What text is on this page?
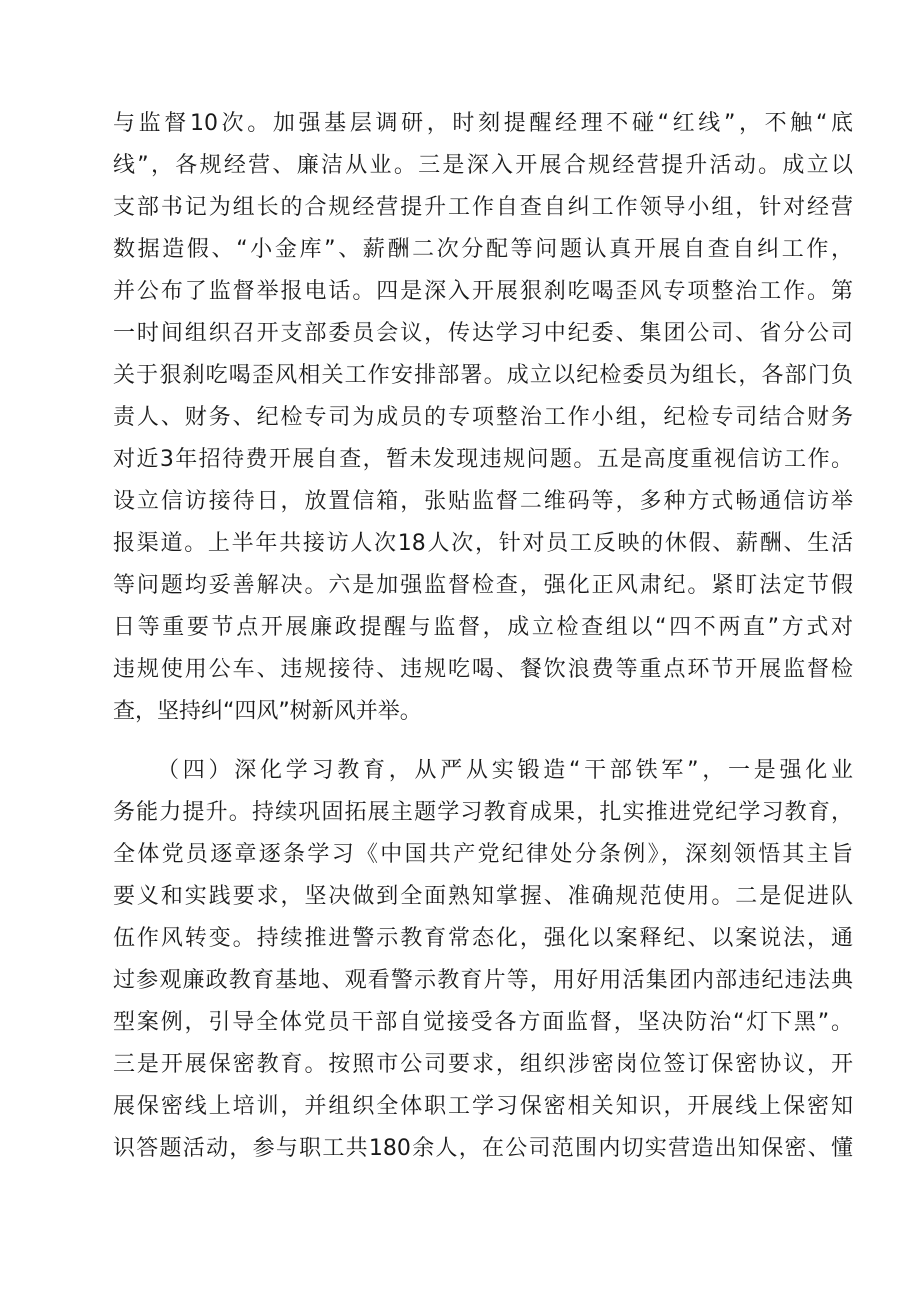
与监督10次。加强基层调研，时刻提醒经理不碰“红线”，不触“底
线”，各规经营、廉洁从业。三是深入开展合规经营提升活动。成立以
支部书记为组长的合规经营提升工作自查自纠工作领导小组，针对经营
数据造假、“小金库”、薪酬二次分配等问题认真开展自查自纠工作，
并公布了监督举报电话。四是深入开展狠刹吃喝歪风专项整治工作。第
一时间组织召开支部委员会议，传达学习中纪委、集团公司、省分公司
关于狠刹吃喝歪风相关工作安排部署。成立以纪检委员为组长，各部门负
责人、财务、纪检专司为成员的专项整治工作小组，纪检专司结合财务
对近3年招待费开展自查，暂未发现违规问题。五是高度重视信访工作。
设立信访接待日，放置信箱，张贴监督二维码等，多种方式畅通信访举
报渠道。上半年共接访人次18人次，针对员工反映的休假、薪酬、生活
等问题均妥善解决。六是加强监督检查，强化正风肃纪。紧盯法定节假
日等重要节点开展廉政提醒与监督，成立检查组以“四不两直”方式对
违规使用公车、违规接待、违规吃喝、餐饮浪费等重点环节开展监督检
查，坚持纠“四风”树新风并举。
（四）深化学习教育，从严从实锻造“干部铁军”，一是强化业
务能力提升。持续巩固拓展主题学习教育成果，扎实推进党纪学习教育，
全体党员逐章逐条学习《中国共产党纪律处分条例》，深刻领悟其主旨
要义和实践要求，坚决做到全面熟知掌握、准确规范使用。二是促进队
伍作风转变。持续推进警示教育常态化，强化以案释纪、以案说法，通
过参观廉政教育基地、观看警示教育片等，用好用活集团内部违纪违法典
型案例，引导全体党员干部自觉接受各方面监督，坚决防治“灯下黑”。
三是开展保密教育。按照市公司要求，组织涉密岗位签订保密协议，开
展保密线上培训，并组织全体职工学习保密相关知识，开展线上保密知
识答题活动，参与职工共180余人，在公司范围内切实营造出知保密、懂
